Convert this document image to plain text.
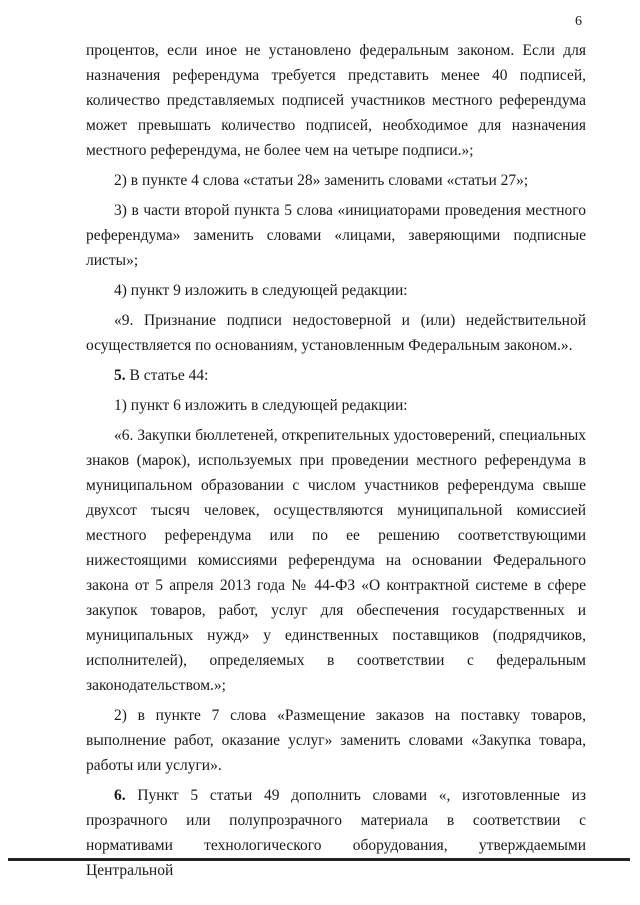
· · ·
6

процентов, если иное не установлено федеральным законом. Если для назначения референдума требуется представить менее 40 подписей, количество представляемых подписей участников местного референдума может превышать количество подписей, необходимое для назначения местного референдума, не более чем на четыре подписи.»;

2) в пункте 4 слова «статьи 28» заменить словами «статьи 27»;

3) в части второй пункта 5 слова «инициаторами проведения местного референдума» заменить словами «лицами, заверяющими подписные листы»;

4) пункт 9 изложить в следующей редакции:

«9. Признание подписи недостоверной и (или) недействительной осуществляется по основаниям, установленным Федеральным законом.».

5. В статье 44:

1) пункт 6 изложить в следующей редакции:

«6. Закупки бюллетеней, открепительных удостоверений, специальных знаков (марок), используемых при проведении местного референдума в муниципальном образовании с числом участников референдума свыше двухсот тысяч человек, осуществляются муниципальной комиссией местного референдума или по ее решению соответствующими нижестоящими комиссиями референдума на основании Федерального закона от 5 апреля 2013 года № 44-ФЗ «О контрактной системе в сфере закупок товаров, работ, услуг для обеспечения государственных и муниципальных нужд» у единственных поставщиков (подрядчиков, исполнителей), определяемых в соответствии с федеральным законодательством.»;

2) в пункте 7 слова «Размещение заказов на поставку товаров, выполнение работ, оказание услуг» заменить словами «Закупка товара, работы или услуги».

6. Пункт 5 статьи 49 дополнить словами «, изготовленные из прозрачного или полупрозрачного материала в соответствии с нормативами технологического оборудования, утверждаемыми Центральной
